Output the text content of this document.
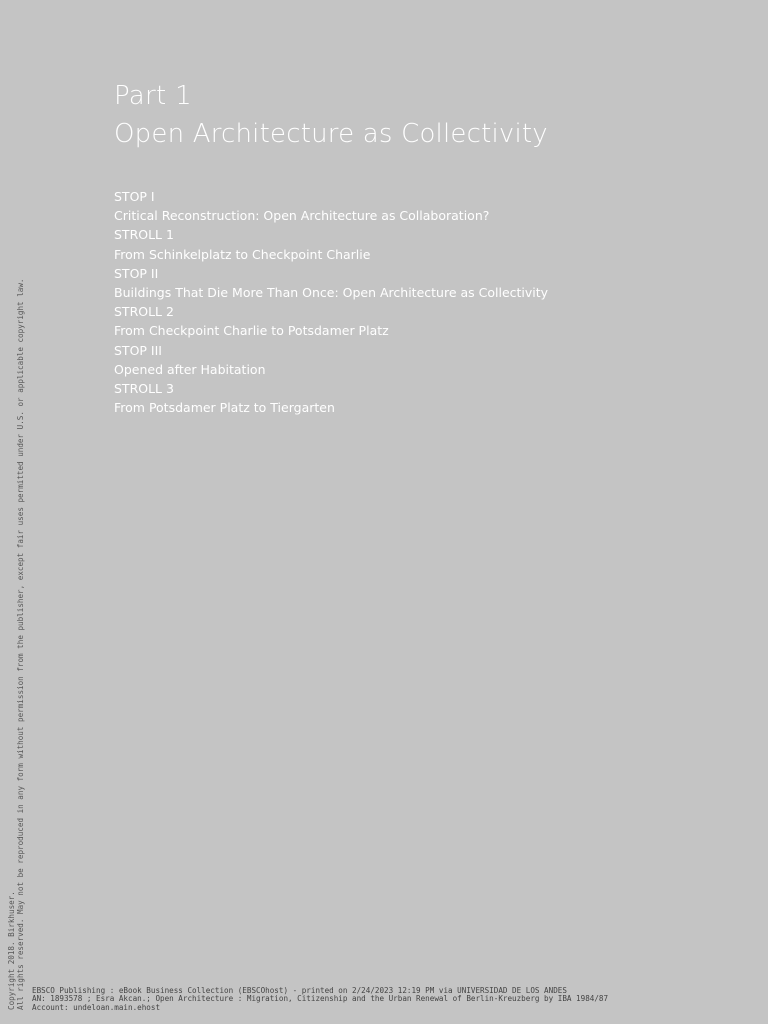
Part 1
Open Architecture as Collectivity
STOP I
Critical Reconstruction: Open Architecture as Collaboration?
STROLL 1
From Schinkelplatz to Checkpoint Charlie
STOP II
Buildings That Die More Than Once: Open Architecture as Collectivity
STROLL 2
From Checkpoint Charlie to Potsdamer Platz
STOP III
Opened after Habitation
STROLL 3
From Potsdamer Platz to Tiergarten
Copyright 2018. Birkhuser. All rights reserved. May not be reproduced in any form without permission from the publisher, except fair uses permitted under U.S. or applicable copyright law. EBSCO Publishing : eBook Business Collection (EBSCOhost) - printed on 2/24/2023 12:19 PM via UNIVERSIDAD DE LOS ANDES
AN: 1893578 ; Esra Akcan.; Open Architecture : Migration, Citizenship and the Urban Renewal of Berlin-Kreuzberg by IBA 1984/87
Account: undeloan.main.ehost
